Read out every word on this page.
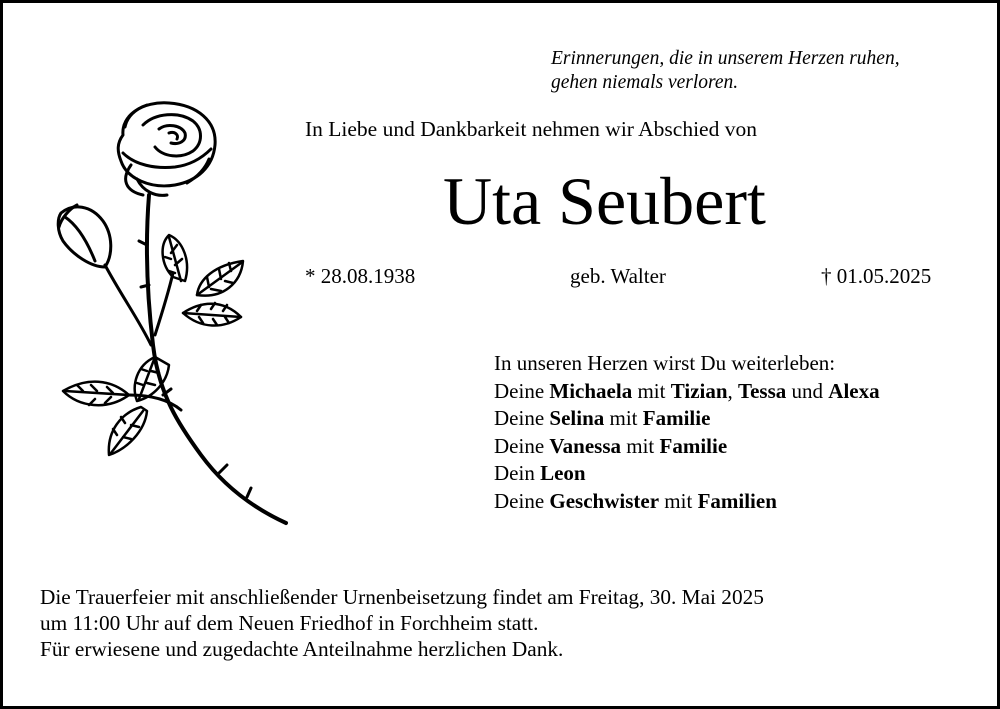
Erinnerungen, die in unserem Herzen ruhen,
gehen niemals verloren.
In Liebe und Dankbarkeit nehmen wir Abschied von
Uta Seubert
* 28.08.1938	geb. Walter	† 01.05.2025
In unseren Herzen wirst Du weiterleben:
Deine Michaela mit Tizian, Tessa und Alexa
Deine Selina mit Familie
Deine Vanessa mit Familie
Dein Leon
Deine Geschwister mit Familien
Die Trauerfeier mit anschließender Urnenbeisetzung findet am Freitag, 30. Mai 2025
um 11:00 Uhr auf dem Neuen Friedhof in Forchheim statt.
Für erwiesene und zugedachte Anteilnahme herzlichen Dank.
